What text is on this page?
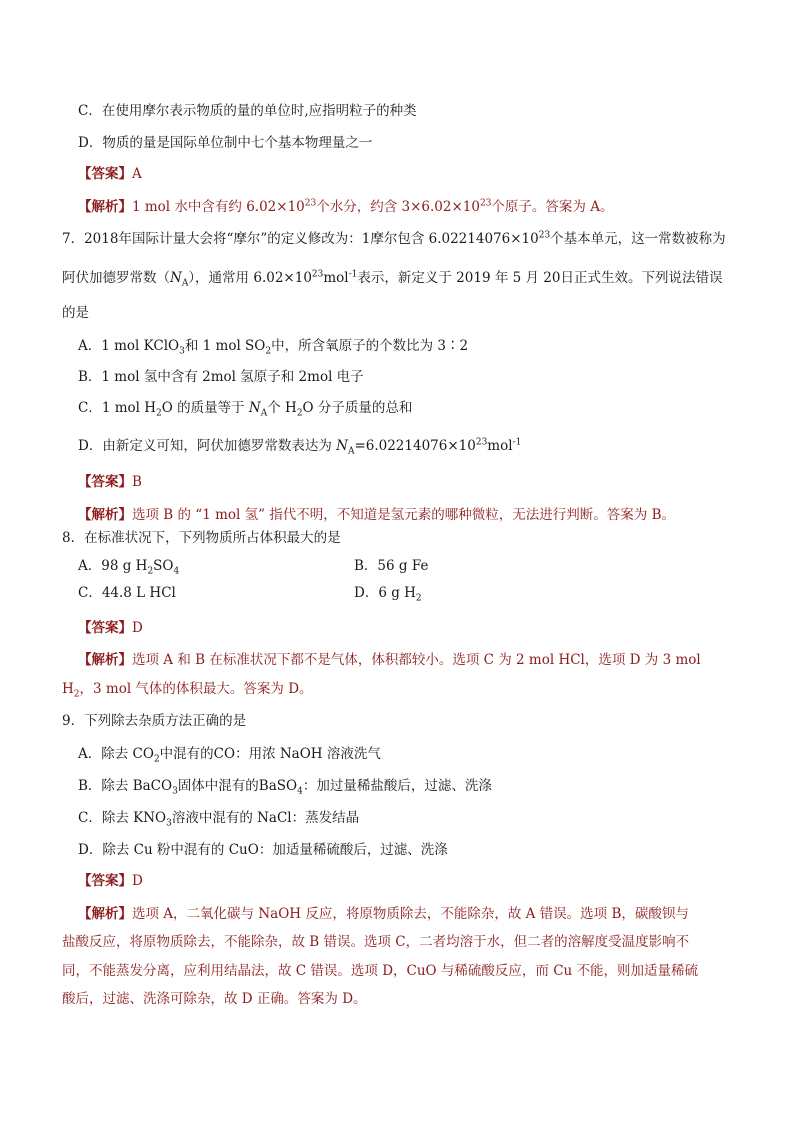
C．在使用摩尔表示物质的量的单位时,应指明粒子的种类
D．物质的量是国际单位制中七个基本物理量之一
【答案】A
【解析】1 mol 水中含有约 $6.02\times 10^{23}$个水分，约含 $3\times 6.02\times 10^{23}$个原子。答案为 A。
7．2018年国际计量大会将“摩尔”的定义修改为：1摩尔包含 $6.02214076\times 10^{23}$个基本单元，这一常数被称为
阿伏加德罗常数$(N_A)$，通常用 $6.02\times 10^{23}mol^{-1}$表示，新定义于 2019 年 5 月 20日正式生效。下列说法错误
的是
A．1 mol KClO$_3$和 1 mol $SO_2$中，所含氧原子的个数比为 3∶2
B．1 mol 氢中含有 2mol 氢原子和 2mol 电子
C．1 mol $H_2O$ 的质量等于 $N_A$个 $H_2O$ 分子质量的总和
D．由新定义可知，阿伏加德罗常数表达为 $N_A=6.02214076\times 10^{23}mol^{-1}$
【答案】B
【解析】选项 B 的 “1 mol 氢” 指代不明，不知道是氢元素的哪种微粒，无法进行判断。答案为 B。
8．在标准状况下，下列物质所占体积最大的是
A．98 g $H_2SO_4$	B．56 g Fe
C．44.8 L HCl	D．6 g $H_2$
【答案】D
【解析】选项 A 和 B 在标准状况下都不是气体，体积都较小。选项 C 为 2 mol HCl，选项 D 为 3 mol
$H_2$，3 mol 气体的体积最大。答案为 D。
9．下列除去杂质方法正确的是
A．除去 $CO_2$中混有的CO：用浓 NaOH 溶液洗气
B．除去 BaCO$_3$固体中混有的BaSO$_4$：加过量稀盐酸后，过滤、洗涤
C．除去 $KNO_3$溶液中混有的 NaCl：蒸发结晶
D．除去 Cu 粉中混有的 CuO：加适量稀硫酸后，过滤、洗涤
【答案】D
【解析】选项 A，二氧化碳与 NaOH 反应，将原物质除去，不能除杂，故 A 错误。选项 B，碳酸钡与
盐酸反应，将原物质除去，不能除杂，故 B 错误。选项 C，二者均溶于水，但二者的溶解度受温度影响不
同，不能蒸发分离，应利用结晶法，故 C 错误。选项 D，CuO 与稀硫酸反应，而 Cu 不能，则加适量稀硫
酸后，过滤、洗涤可除杂，故 D 正确。答案为 D。
